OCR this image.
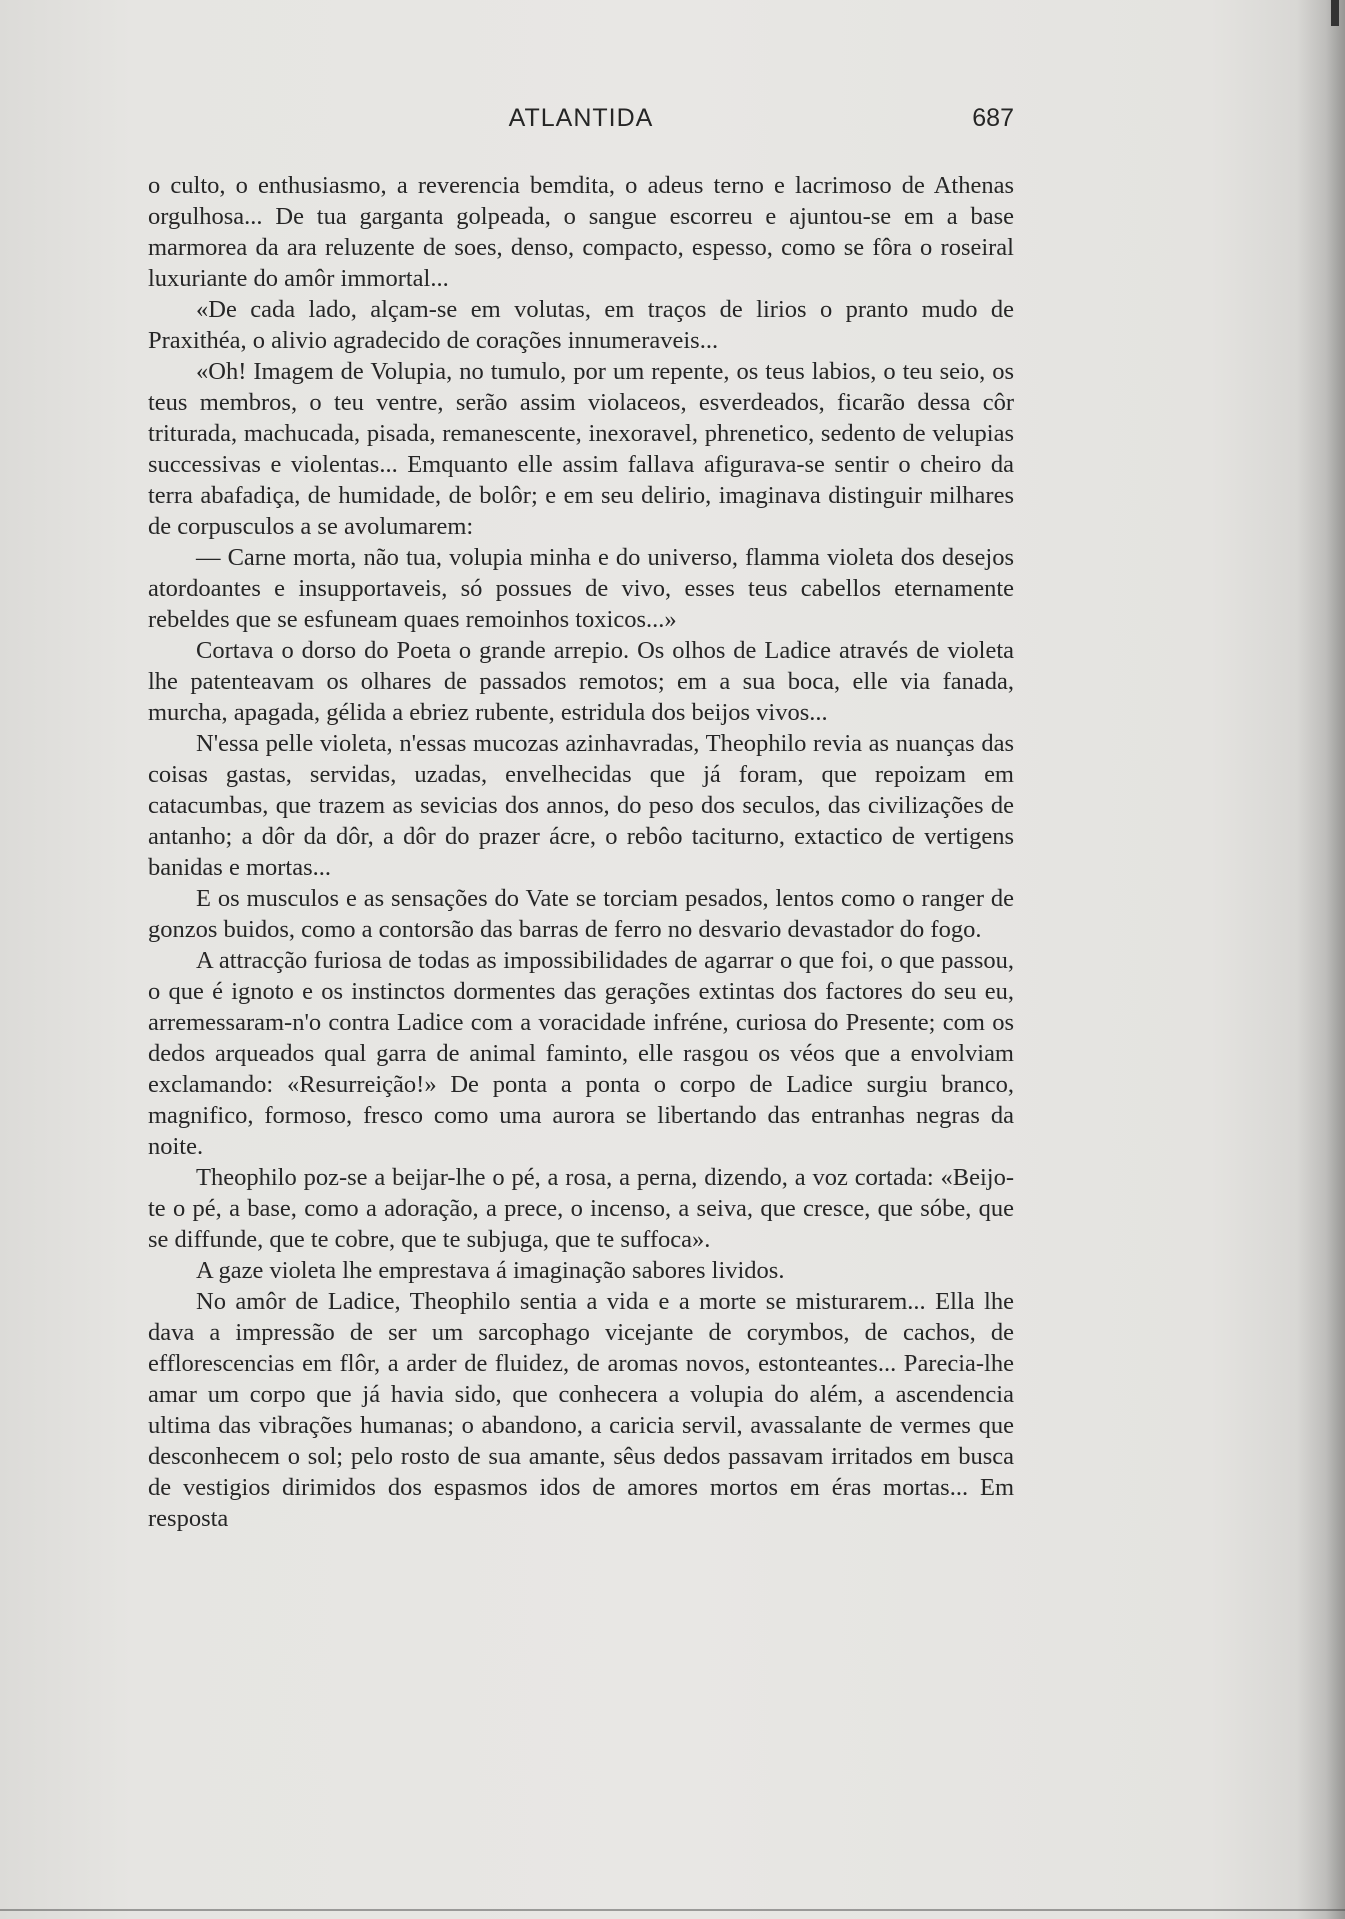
ATLANTIDA	687

o culto, o enthusiasmo, a reverencia bemdita, o adeus terno e lacrimoso de Athenas orgulhosa... De tua garganta golpeada, o sangue escorreu e ajuntou-se em a base marmorea da ara reluzente de soes, denso, compacto, espesso, como se fôra o roseiral luxuriante do amôr immortal...

«De cada lado, alçam-se em volutas, em traços de lirios o pranto mudo de Praxithéa, o alivio agradecido de corações innumeraveis...

«Oh! Imagem de Volupia, no tumulo, por um repente, os teus labios, o teu seio, os teus membros, o teu ventre, serão assim violaceos, esverdeados, ficarão dessa côr triturada, machucada, pisada, remanescente, inexoravel, phrenetico, sedento de velupias successivas e violentas... Emquanto elle assim fallava afigurava-se sentir o cheiro da terra abafadiça, de humidade, de bolôr; e em seu delirio, imaginava distinguir milhares de corpusculos a se avolumarem:

— Carne morta, não tua, volupia minha e do universo, flamma violeta dos desejos atordoantes e insupportaveis, só possues de vivo, esses teus cabellos eternamente rebeldes que se esfuneam quaes remoinhos toxicos...»

Cortava o dorso do Poeta o grande arrepio. Os olhos de Ladice através de violeta lhe patenteavam os olhares de passados remotos; em a sua boca, elle via fanada, murcha, apagada, gélida a ebriez rubente, estridula dos beijos vivos...

N'essa pelle violeta, n'essas mucozas azinhavradas, Theophilo revia as nuanças das coisas gastas, servidas, uzadas, envelhecidas que já foram, que repoizam em catacumbas, que trazem as sevicias dos annos, do peso dos seculos, das civilizações de antanho; a dôr da dôr, a dôr do prazer ácre, o rebôo taciturno, extactico de vertigens banidas e mortas...

E os musculos e as sensações do Vate se torciam pesados, lentos como o ranger de gonzos buidos, como a contorsão das barras de ferro no desvario devastador do fogo.

A attracção furiosa de todas as impossibilidades de agarrar o que foi, o que passou, o que é ignoto e os instinctos dormentes das gerações extintas dos factores do seu eu, arremessaram-n'o contra Ladice com a voracidade infréne, curiosa do Presente; com os dedos arqueados qual garra de animal faminto, elle rasgou os véos que a envolviam exclamando: «Resurreição!» De ponta a ponta o corpo de Ladice surgiu branco, magnifico, formoso, fresco como uma aurora se libertando das entranhas negras da noite.

Theophilo poz-se a beijar-lhe o pé, a rosa, a perna, dizendo, a voz cortada: «Beijo-te o pé, a base, como a adoração, a prece, o incenso, a seiva, que cresce, que sóbe, que se diffunde, que te cobre, que te subjuga, que te suffoca».

A gaze violeta lhe emprestava á imaginação sabores lividos.

No amôr de Ladice, Theophilo sentia a vida e a morte se misturarem... Ella lhe dava a impressão de ser um sarcophago vicejante de corymbos, de cachos, de efflorescencias em flôr, a arder de fluidez, de aromas novos, estonteantes... Parecia-lhe amar um corpo que já havia sido, que conhecera a volupia do além, a ascendencia ultima das vibrações humanas; o abandono, a caricia servil, avassalante de vermes que desconhecem o sol; pelo rosto de sua amante, sêus dedos passavam irritados em busca de vestigios dirimidos dos espasmos idos de amores mortos em éras mortas... Em resposta
